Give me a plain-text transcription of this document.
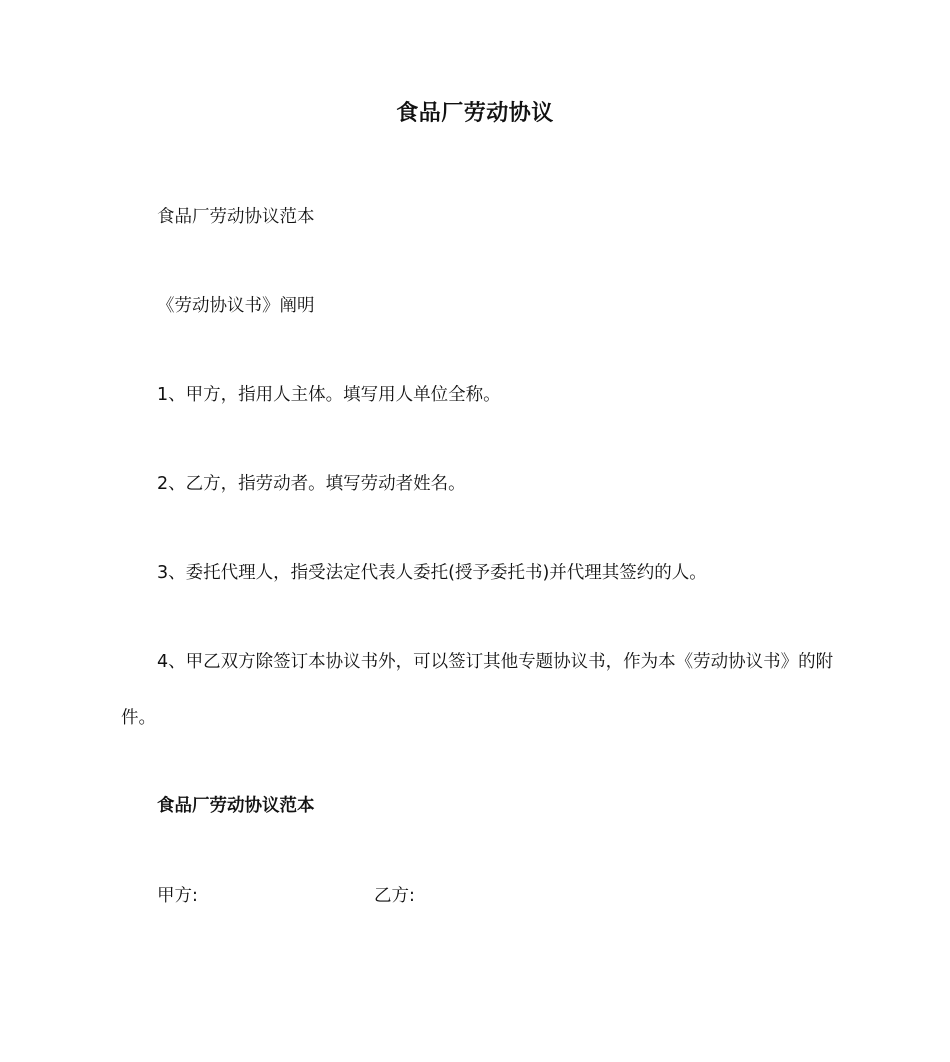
食品厂劳动协议

食品厂劳动协议范本

《劳动协议书》阐明

1、甲方，指用人主体。填写用人单位全称。

2、乙方，指劳动者。填写劳动者姓名。

3、委托代理人，指受法定代表人委托(授予委托书)并代理其签约的人。

4、甲乙双方除签订本协议书外，可以签订其他专题协议书，作为本《劳动协议书》的附件。

食品厂劳动协议范本

甲方:	乙方:
